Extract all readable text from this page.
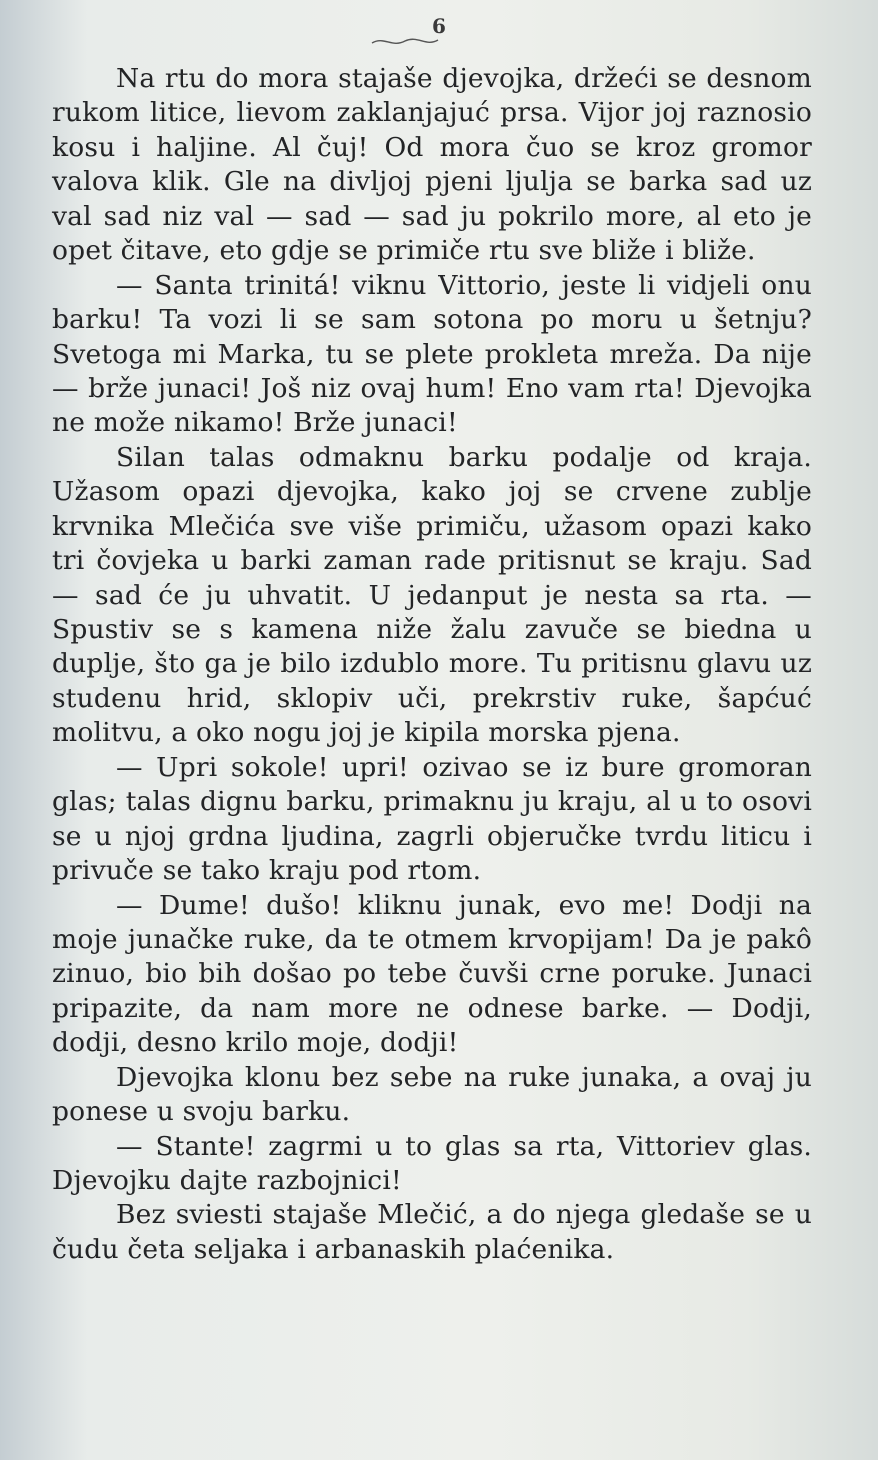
6

Na rtu do mora stajaše djevojka, držeći se desnom rukom litice, lievom zaklanjajuć prsa. Vijor joj raznosio kosu i haljine. Al čuj! Od mora čuo se kroz gromor valova klik. Gle na divljoj pjeni ljulja se barka sad uz val sad niz val — sad — sad ju pokrilo more, al eto je opet čitave, eto gdje se primiče rtu sve bliže i bliže.

— Santa trinitá! viknu Vittorio, jeste li vidjeli onu barku! Ta vozi li se sam sotona po moru u šetnju? Svetoga mi Marka, tu se plete prokleta mreža. Da nije — brže junaci! Još niz ovaj hum! Eno vam rta! Djevojka ne može nikamo! Brže junaci!

Silan talas odmaknu barku podalje od kraja. Užasom opazi djevojka, kako joj se crvene zublje krvnika Mlečića sve više primiču, užasom opazi kako tri čovjeka u barki zaman rade pritisnut se kraju. Sad — sad će ju uhvatit. U jedanput je nesta sa rta. — Spustiv se s kamena niže žalu zavuče se biedna u duplje, što ga je bilo izdublo more. Tu pritisnu glavu uz studenu hrid, sklopiv uči, prekrstiv ruke, šapćuć molitvu, a oko nogu joj je kipila morska pjena.

— Upri sokole! upri! ozivao se iz bure gromoran glas; talas dignu barku, primaknu ju kraju, al u to osovi se u njoj grdna ljudina, zagrli objeručke tvrdu liticu i privuče se tako kraju pod rtom.

— Dume! dušo! kliknu junak, evo me! Dodji na moje junačke ruke, da te otmem krvopijam! Da je pakô zinuo, bio bih došao po tebe čuvši crne poruke. Junaci pripazite, da nam more ne odnese barke. — Dodji, dodji, desno krilo moje, dodji!

Djevojka klonu bez sebe na ruke junaka, a ovaj ju ponese u svoju barku.

— Stante! zagrmi u to glas sa rta, Vittoriev glas. Djevojku dajte razbojnici!

Bez sviesti stajaše Mlečić, a do njega gledaše se u čudu četa seljaka i arbanaskih plaćenika.
